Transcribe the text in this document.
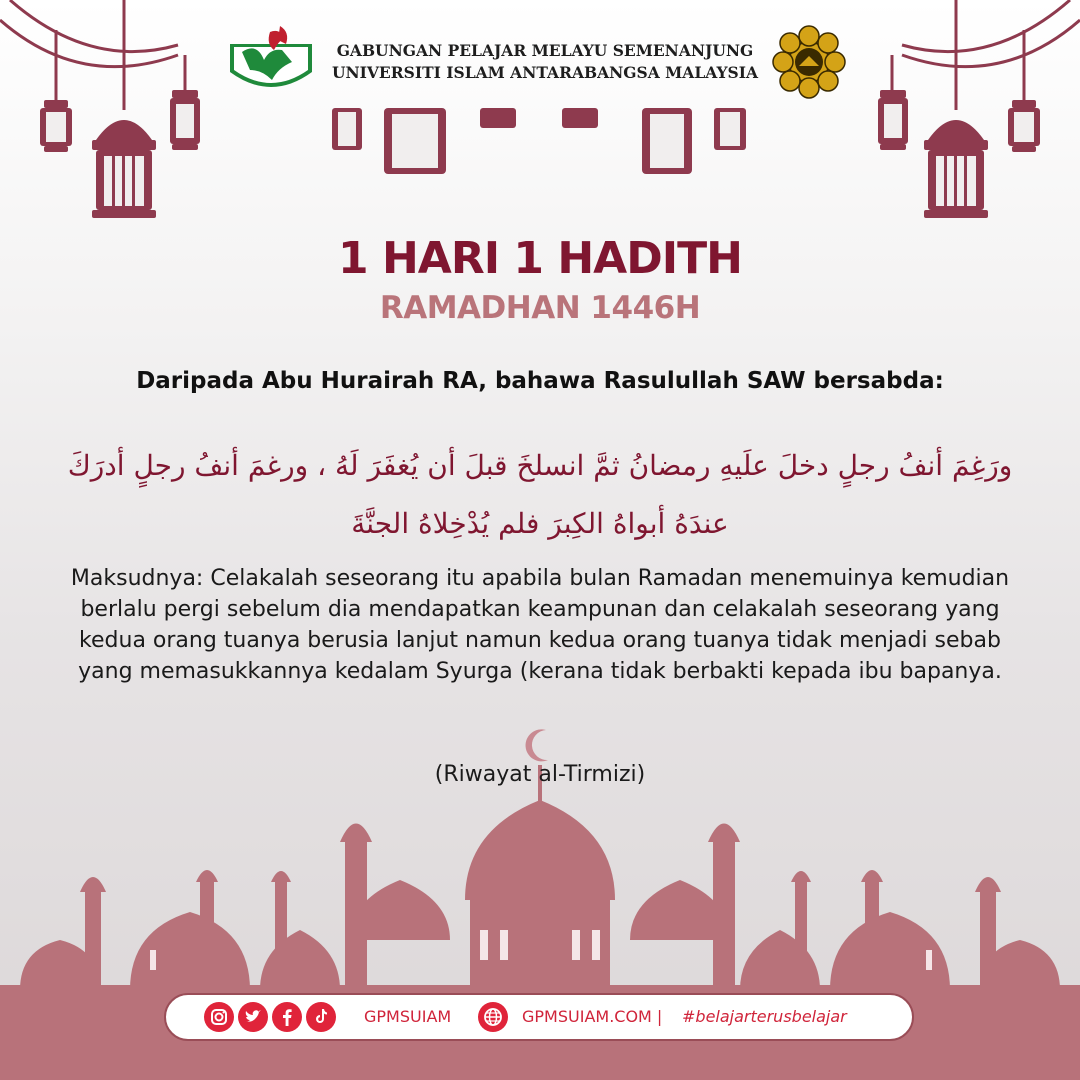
GABUNGAN PELAJAR MELAYU SEMENANJUNG
UNIVERSITI ISLAM ANTARABANGSA MALAYSIA
1 HARI 1 HADITH
RAMADHAN 1446H
Daripada Abu Hurairah RA, bahawa Rasulullah SAW bersabda:
ورَغِمَ أنفُ رجلٍ دخلَ علَيهِ رمضانُ ثمَّ انسلخَ قبلَ أن يُغفَرَ لَهُ ، ورغمَ أنفُ رجلٍ أدرَكَ
عندَهُ أبواهُ الكِبرَ فلم يُدْخِلاهُ الجنَّةَ
Maksudnya: Celakalah seseorang itu apabila bulan Ramadan menemuinya kemudian berlalu pergi sebelum dia mendapatkan keampunan dan celakalah seseorang yang kedua orang tuanya berusia lanjut namun kedua orang tuanya tidak menjadi sebab yang memasukkannya kedalam Syurga (kerana tidak berbakti kepada ibu bapanya.
(Riwayat al-Tirmizi)
GPMSUIAM	GPMSUIAM.COM | #belajarterusbelajar
